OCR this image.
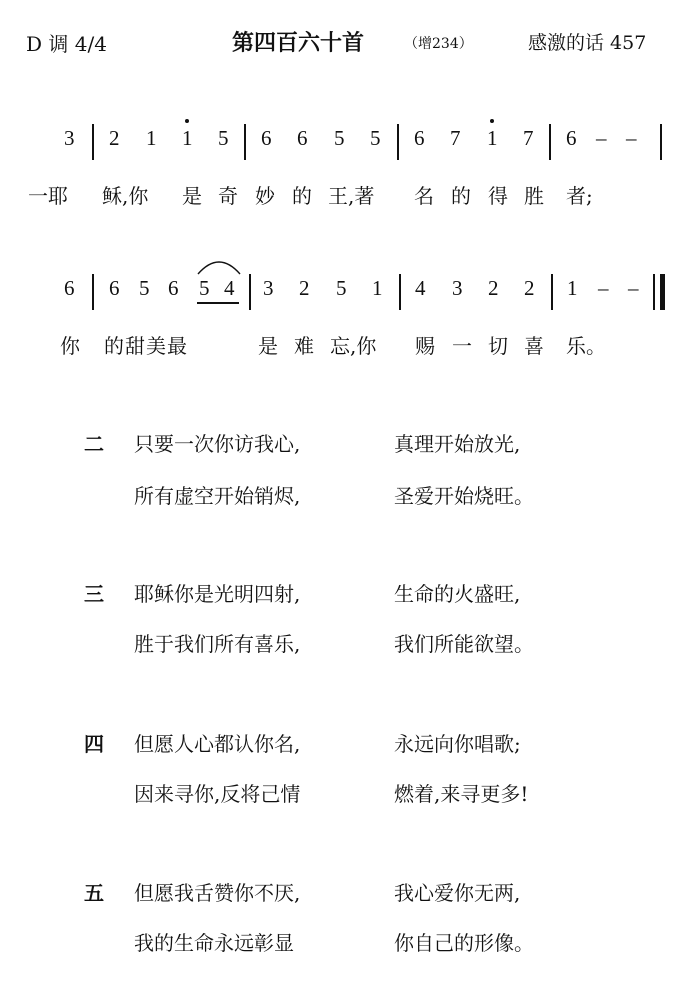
D 调 4/4	第四百六十首	（增234）	感激的话 457
3 2 1 1 5 6 6 5 5 6 7 1 7 6 – –
一耶 稣,你 是 奇 妙 的 王,著 名 的 得 胜 者;
6 6 5 6 5 4 3 2 5 1 4 3 2 2 1 – –
你 的甜美最	是 难 忘,你 赐 一 切 喜 乐。
二 只要一次你访我心,	真理开始放光,
所有虚空开始销烬,	圣爱开始烧旺。
三 耶稣你是光明四射,	生命的火盛旺,
胜于我们所有喜乐,	我们所能欲望。
四 但愿人心都认你名,	永远向你唱歌;
因来寻你,反将己情	燃着,来寻更多!
五 但愿我舌赞你不厌,	我心爱你无两,
我的生命永远彰显	你自己的形像。
